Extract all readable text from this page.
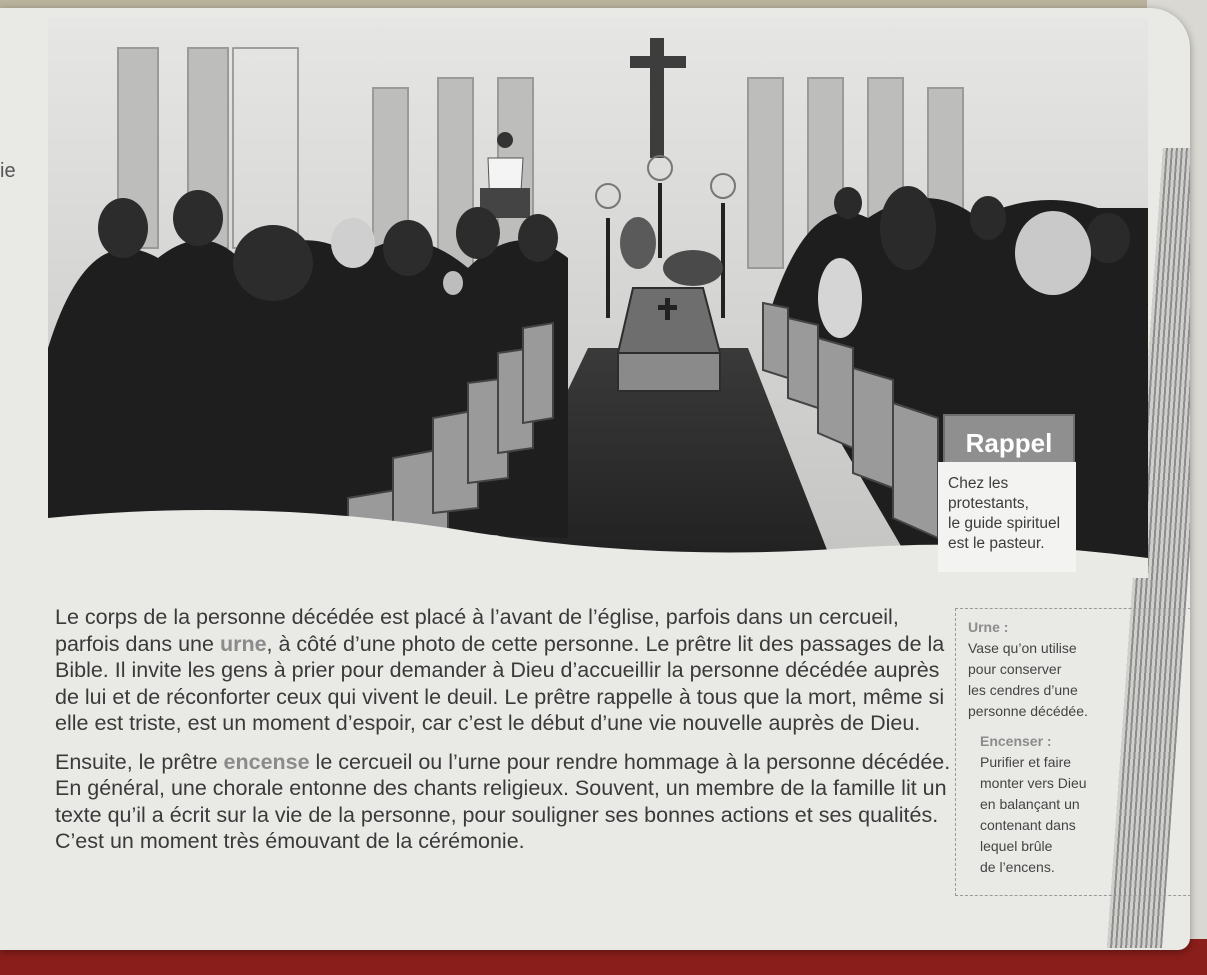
ie
Rappel
Chez les
protestants,
le guide spirituel
est le pasteur.

Le corps de la personne décédée est placé à l’avant de l’église, parfois dans un cercueil, parfois dans une urne, à côté d’une photo de cette personne. Le prêtre lit des passages de la Bible. Il invite les gens à prier pour demander à Dieu d’accueillir la personne décédée auprès de lui et de réconforter ceux qui vivent le deuil. Le prêtre rappelle à tous que la mort, même si elle est triste, est un moment d’espoir, car c’est le début d’une vie nouvelle auprès de Dieu.

Ensuite, le prêtre encense le cercueil ou l’urne pour rendre hommage à la personne décédée. En général, une chorale entonne des chants religieux. Souvent, un membre de la famille lit un texte qu’il a écrit sur la vie de la personne, pour souligner ses bonnes actions et ses qualités. C’est un moment très émouvant de la cérémonie.

Urne :
Vase qu’on utilise
pour conserver
les cendres d’une
personne décédée.
Encenser :
Purifier et faire
monter vers Dieu
en balançant un
contenant dans
lequel brûle
de l’encens.
